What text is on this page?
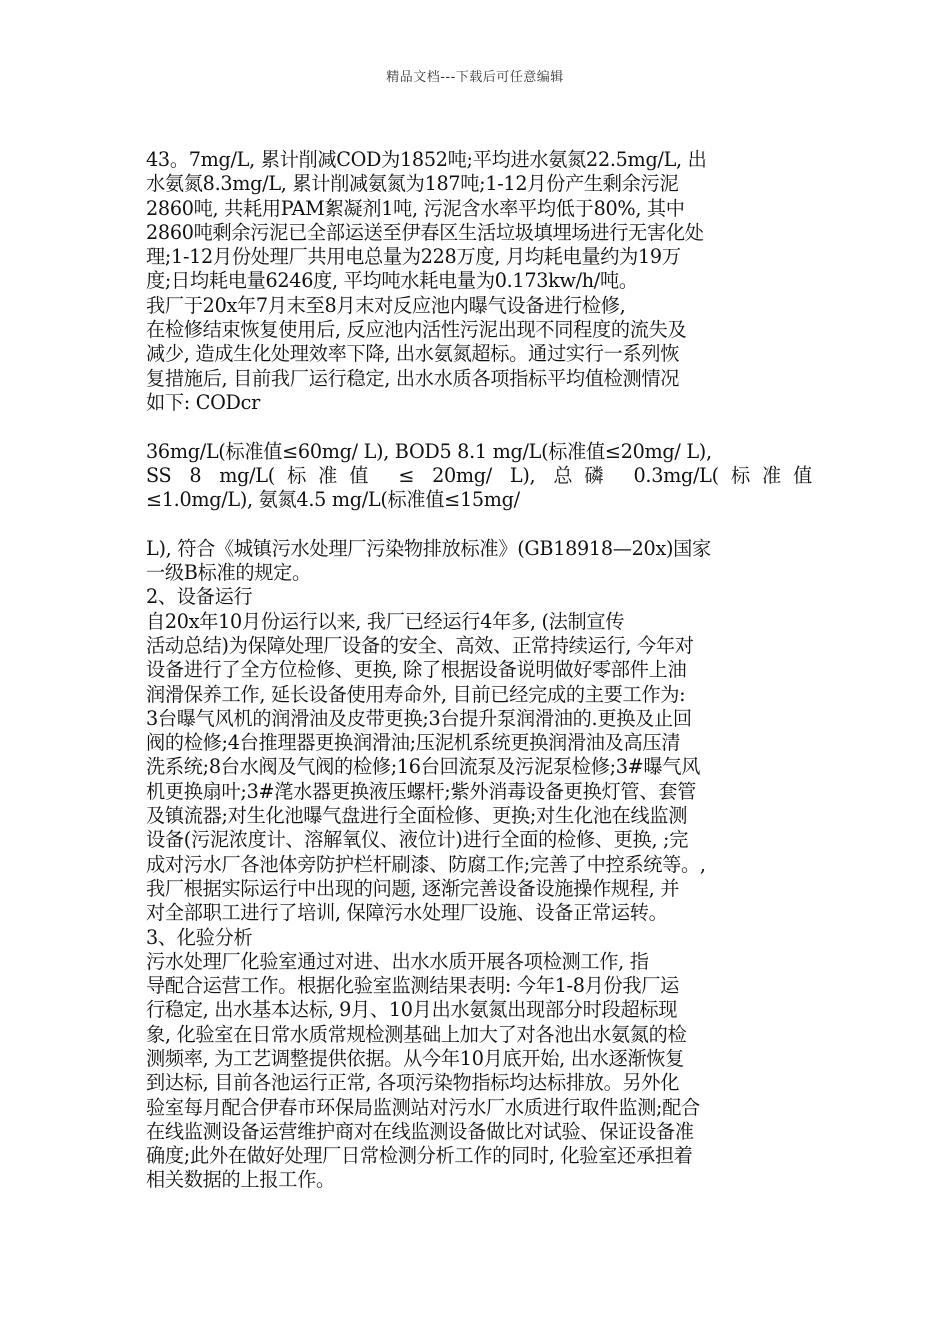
精品文档---下载后可任意编辑
43。7mg/L, 累计削减COD为1852吨;平均进水氨氮22.5mg/L, 出
水氨氮8.3mg/L, 累计削减氨氮为187吨;1-12月份产生剩余污泥
2860吨, 共耗用PAM絮凝剂1吨, 污泥含水率平均低于80%, 其中
2860吨剩余污泥已全部运送至伊春区生活垃圾填埋场进行无害化处
理;1-12月份处理厂共用电总量为228万度, 月均耗电量约为19万
度;日均耗电量6246度, 平均吨水耗电量为0.173kw/h/吨。
我厂于20x年7月末至8月末对反应池内曝气设备进行检修,
在检修结束恢复使用后, 反应池内活性污泥出现不同程度的流失及
减少, 造成生化处理效率下降, 出水氨氮超标。通过实行一系列恢
复措施后, 目前我厂运行稳定, 出水水质各项指标平均值检测情况
如下: CODcr
36mg/L(标准值≤60mg/ L), BOD5 8.1 mg/L(标准值≤20mg/ L),
SS 8 mg/L(标准值 ≤ 20mg/ L), 总磷 0.3mg/L(标准值
≤1.0mg/L), 氨氮4.5 mg/L(标准值≤15mg/
L), 符合《城镇污水处理厂污染物排放标准》(GB18918—20x)国家
一级B标准的规定。
2、设备运行
自20x年10月份运行以来, 我厂已经运行4年多, (法制宣传
活动总结)为保障处理厂设备的安全、高效、正常持续运行, 今年对
设备进行了全方位检修、更换, 除了根据设备说明做好零部件上油
润滑保养工作, 延长设备使用寿命外, 目前已经完成的主要工作为:
3台曝气风机的润滑油及皮带更换;3台提升泵润滑油的.更换及止回
阀的检修;4台推理器更换润滑油;压泥机系统更换润滑油及高压清
洗系统;8台水阀及气阀的检修;16台回流泵及污泥泵检修;3#曝气风
机更换扇叶;3#滗水器更换液压螺杆;紫外消毒设备更换灯管、套管
及镇流器;对生化池曝气盘进行全面检修、更换;对生化池在线监测
设备(污泥浓度计、溶解氧仪、液位计)进行全面的检修、更换, ;完
成对污水厂各池体旁防护栏杆刷漆、防腐工作;完善了中控系统等。,
我厂根据实际运行中出现的问题, 逐渐完善设备设施操作规程, 并
对全部职工进行了培训, 保障污水处理厂设施、设备正常运转。
3、化验分析
污水处理厂化验室通过对进、出水水质开展各项检测工作, 指
导配合运营工作。根据化验室监测结果表明: 今年1-8月份我厂运
行稳定, 出水基本达标, 9月、10月出水氨氮出现部分时段超标现
象, 化验室在日常水质常规检测基础上加大了对各池出水氨氮的检
测频率, 为工艺调整提供依据。从今年10月底开始, 出水逐渐恢复
到达标, 目前各池运行正常, 各项污染物指标均达标排放。另外化
验室每月配合伊春市环保局监测站对污水厂水质进行取件监测;配合
在线监测设备运营维护商对在线监测设备做比对试验、保证设备准
确度;此外在做好处理厂日常检测分析工作的同时, 化验室还承担着
相关数据的上报工作。
